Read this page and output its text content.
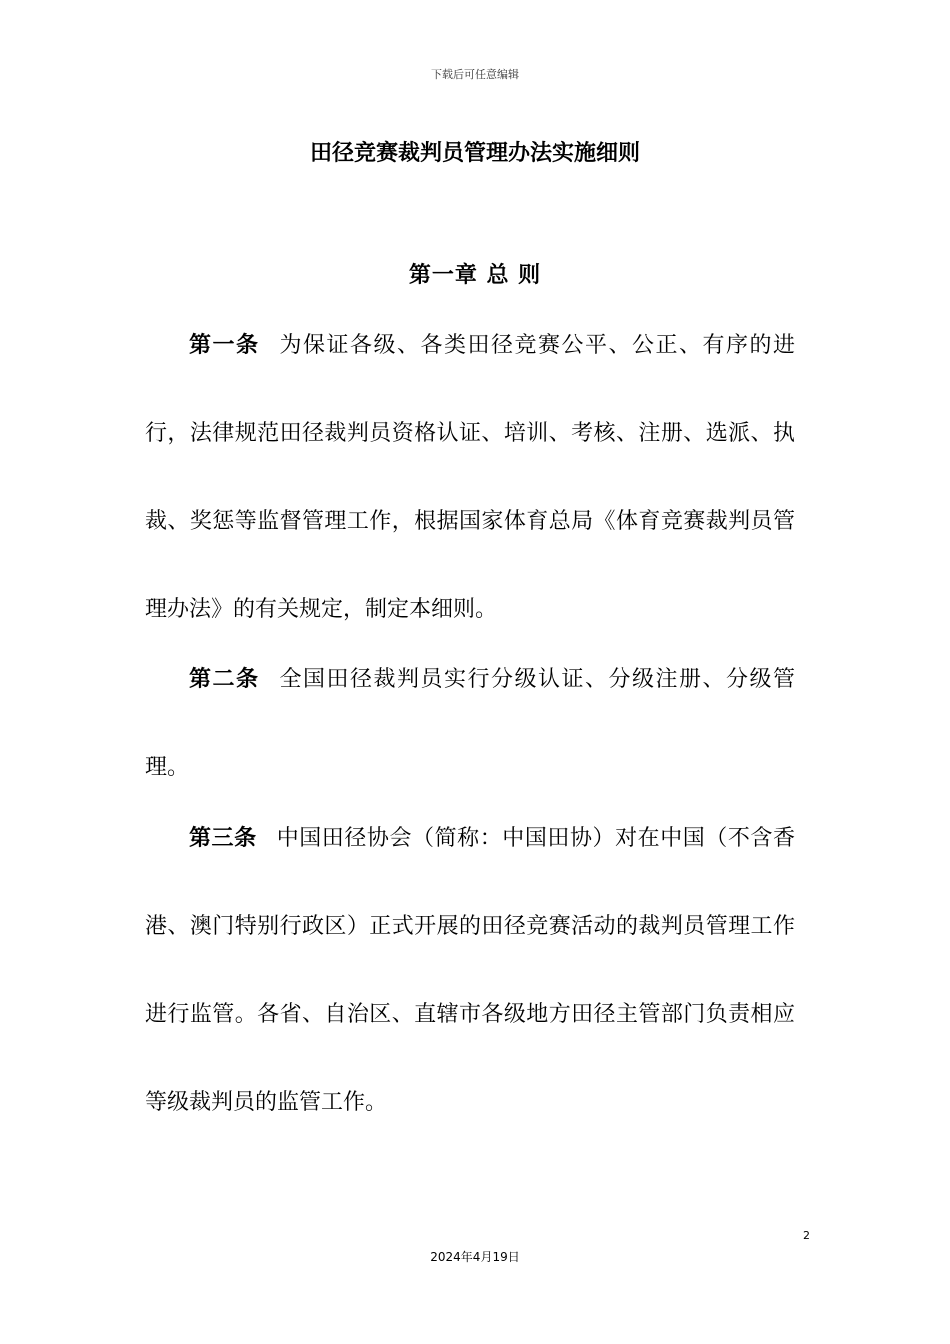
下载后可任意编辑
田径竞赛裁判员管理办法实施细则
第一章 总 则

第一条 为保证各级、各类田径竞赛公平、公正、有序的进行，法律规范田径裁判员资格认证、培训、考核、注册、选派、执裁、奖惩等监督管理工作，根据国家体育总局《体育竞赛裁判员管理办法》的有关规定，制定本细则。

第二条 全国田径裁判员实行分级认证、分级注册、分级管理。

第三条 中国田径协会（简称：中国田协）对在中国（不含香港、澳门特别行政区）正式开展的田径竞赛活动的裁判员管理工作进行监管。各省、自治区、直辖市各级地方田径主管部门负责相应等级裁判员的监管工作。

2
2024年4月19日
